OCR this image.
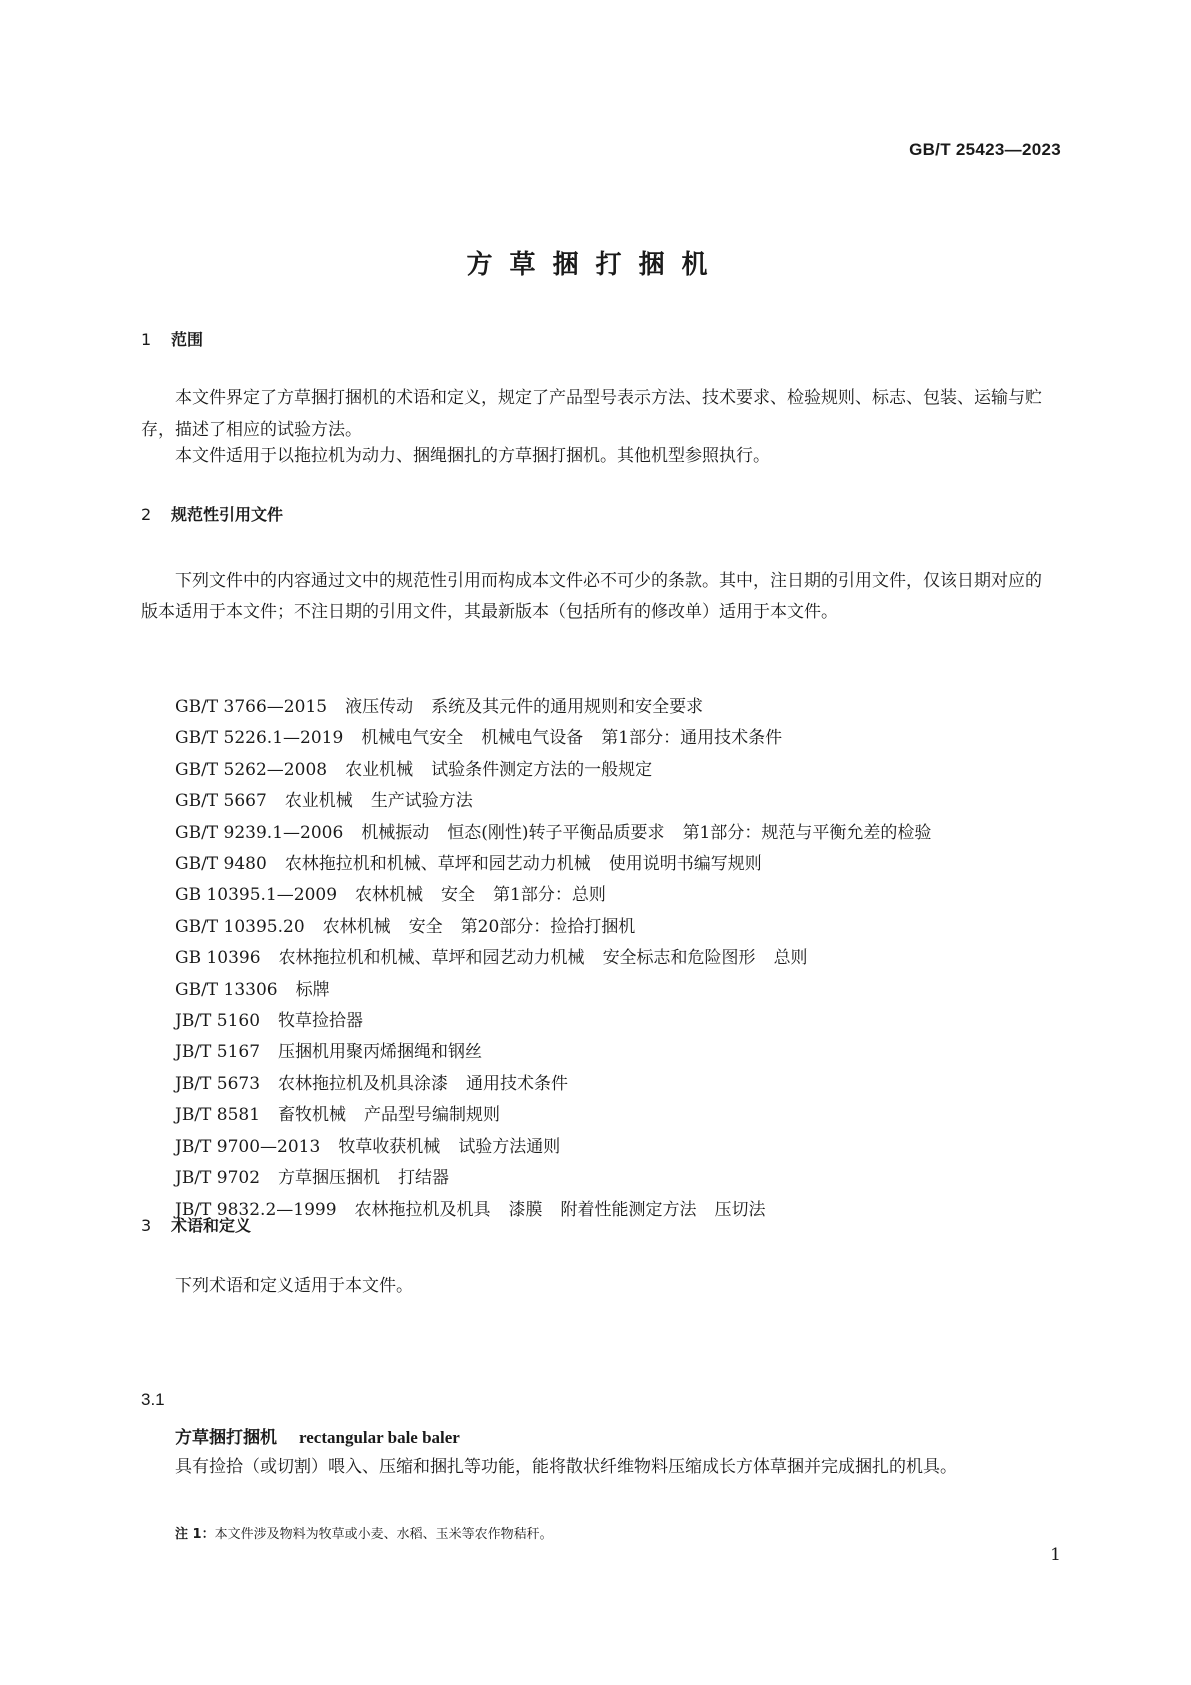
GB/T 25423—2023
方草捆打捆机
1 范围
本文件界定了方草捆打捆机的术语和定义，规定了产品型号表示方法、技术要求、检验规则、标志、包装、运输与贮存，描述了相应的试验方法。
本文件适用于以拖拉机为动力、捆绳捆扎的方草捆打捆机。其他机型参照执行。
2 规范性引用文件
下列文件中的内容通过文中的规范性引用而构成本文件必不可少的条款。其中，注日期的引用文件，仅该日期对应的版本适用于本文件；不注日期的引用文件，其最新版本（包括所有的修改单）适用于本文件。

GB/T 3766—2015 液压传动 系统及其元件的通用规则和安全要求

GB/T 5226.1—2019 机械电气安全 机械电气设备 第1部分：通用技术条件

GB/T 5262—2008 农业机械 试验条件测定方法的一般规定

GB/T 5667 农业机械 生产试验方法

GB/T 9239.1—2006 机械振动 恒态(刚性)转子平衡品质要求 第1部分：规范与平衡允差的检验

GB/T 9480 农林拖拉机和机械、草坪和园艺动力机械 使用说明书编写规则

GB 10395.1—2009 农林机械 安全 第1部分：总则

GB/T 10395.20 农林机械 安全 第20部分：捡拾打捆机

GB 10396 农林拖拉机和机械、草坪和园艺动力机械 安全标志和危险图形 总则

GB/T 13306 标牌

JB/T 5160 牧草捡拾器

JB/T 5167 压捆机用聚丙烯捆绳和钢丝

JB/T 5673 农林拖拉机及机具涂漆 通用技术条件

JB/T 8581 畜牧机械 产品型号编制规则

JB/T 9700—2013 牧草收获机械 试验方法通则

JB/T 9702 方草捆压捆机 打结器

JB/T 9832.2—1999 农林拖拉机及机具 漆膜 附着性能测定方法 压切法

3 术语和定义
下列术语和定义适用于本文件。
3.1
方草捆打捆机 rectangular bale baler
具有捡拾（或切割）喂入、压缩和捆扎等功能，能将散状纤维物料压缩成长方体草捆并完成捆扎的机具。
注 1：本文件涉及物料为牧草或小麦、水稻、玉米等农作物秸秆。
1
